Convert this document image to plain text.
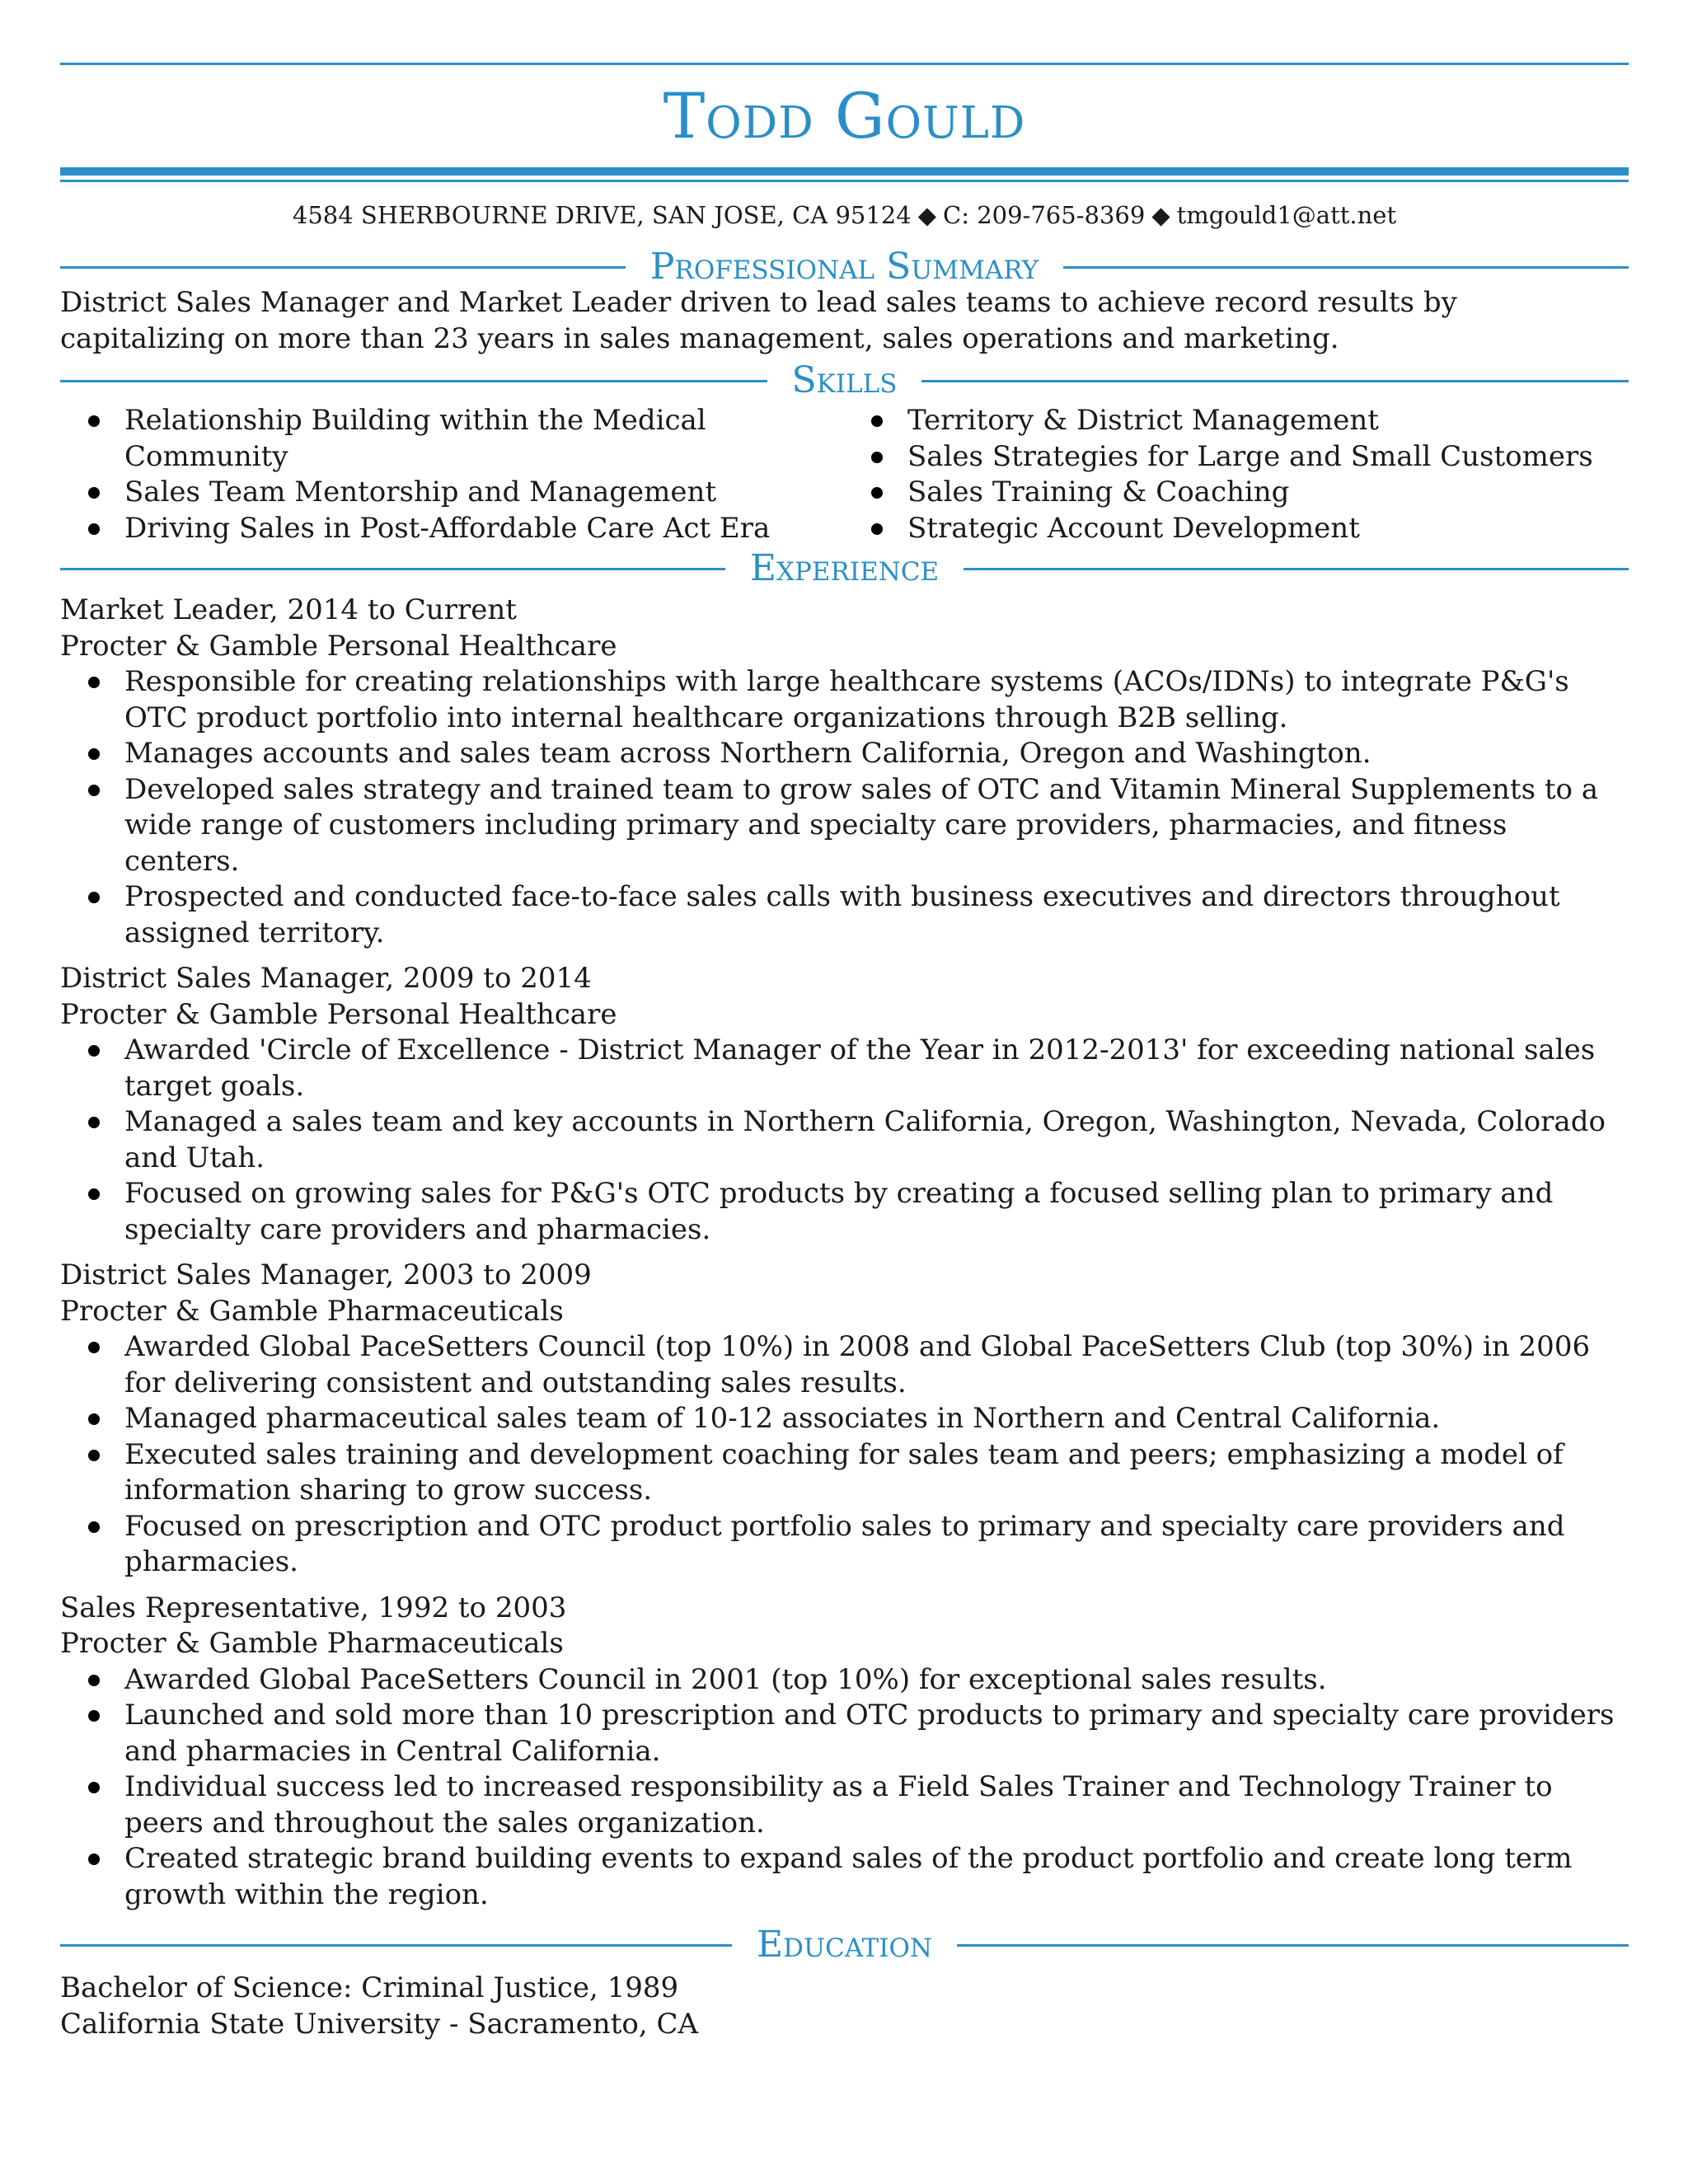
Todd Gould
4584 SHERBOURNE DRIVE, SAN JOSE, CA 95124 ◆ C: 209-765-8369 ◆ tmgould1@att.net
Professional Summary
District Sales Manager and Market Leader driven to lead sales teams to achieve record results by capitalizing on more than 23 years in sales management, sales operations and marketing.
Skills
Relationship Building within the Medical Community
Sales Team Mentorship and Management
Driving Sales in Post-Affordable Care Act Era
Territory & District Management
Sales Strategies for Large and Small Customers
Sales Training & Coaching
Strategic Account Development
Experience
Market Leader, 2014 to Current
Procter & Gamble Personal Healthcare
Responsible for creating relationships with large healthcare systems (ACOs/IDNs) to integrate P&G's OTC product portfolio into internal healthcare organizations through B2B selling.
Manages accounts and sales team across Northern California, Oregon and Washington.
Developed sales strategy and trained team to grow sales of OTC and Vitamin Mineral Supplements to a wide range of customers including primary and specialty care providers, pharmacies, and fitness centers.
Prospected and conducted face-to-face sales calls with business executives and directors throughout assigned territory.
District Sales Manager, 2009 to 2014
Procter & Gamble Personal Healthcare
Awarded 'Circle of Excellence - District Manager of the Year in 2012-2013' for exceeding national sales target goals.
Managed a sales team and key accounts in Northern California, Oregon, Washington, Nevada, Colorado and Utah.
Focused on growing sales for P&G's OTC products by creating a focused selling plan to primary and specialty care providers and pharmacies.
District Sales Manager, 2003 to 2009
Procter & Gamble Pharmaceuticals
Awarded Global PaceSetters Council (top 10%) in 2008 and Global PaceSetters Club (top 30%) in 2006 for delivering consistent and outstanding sales results.
Managed pharmaceutical sales team of 10-12 associates in Northern and Central California.
Executed sales training and development coaching for sales team and peers; emphasizing a model of information sharing to grow success.
Focused on prescription and OTC product portfolio sales to primary and specialty care providers and pharmacies.
Sales Representative, 1992 to 2003
Procter & Gamble Pharmaceuticals
Awarded Global PaceSetters Council in 2001 (top 10%) for exceptional sales results.
Launched and sold more than 10 prescription and OTC products to primary and specialty care providers and pharmacies in Central California.
Individual success led to increased responsibility as a Field Sales Trainer and Technology Trainer to peers and throughout the sales organization.
Created strategic brand building events to expand sales of the product portfolio and create long term growth within the region.
Education
Bachelor of Science: Criminal Justice, 1989
California State University - Sacramento, CA
